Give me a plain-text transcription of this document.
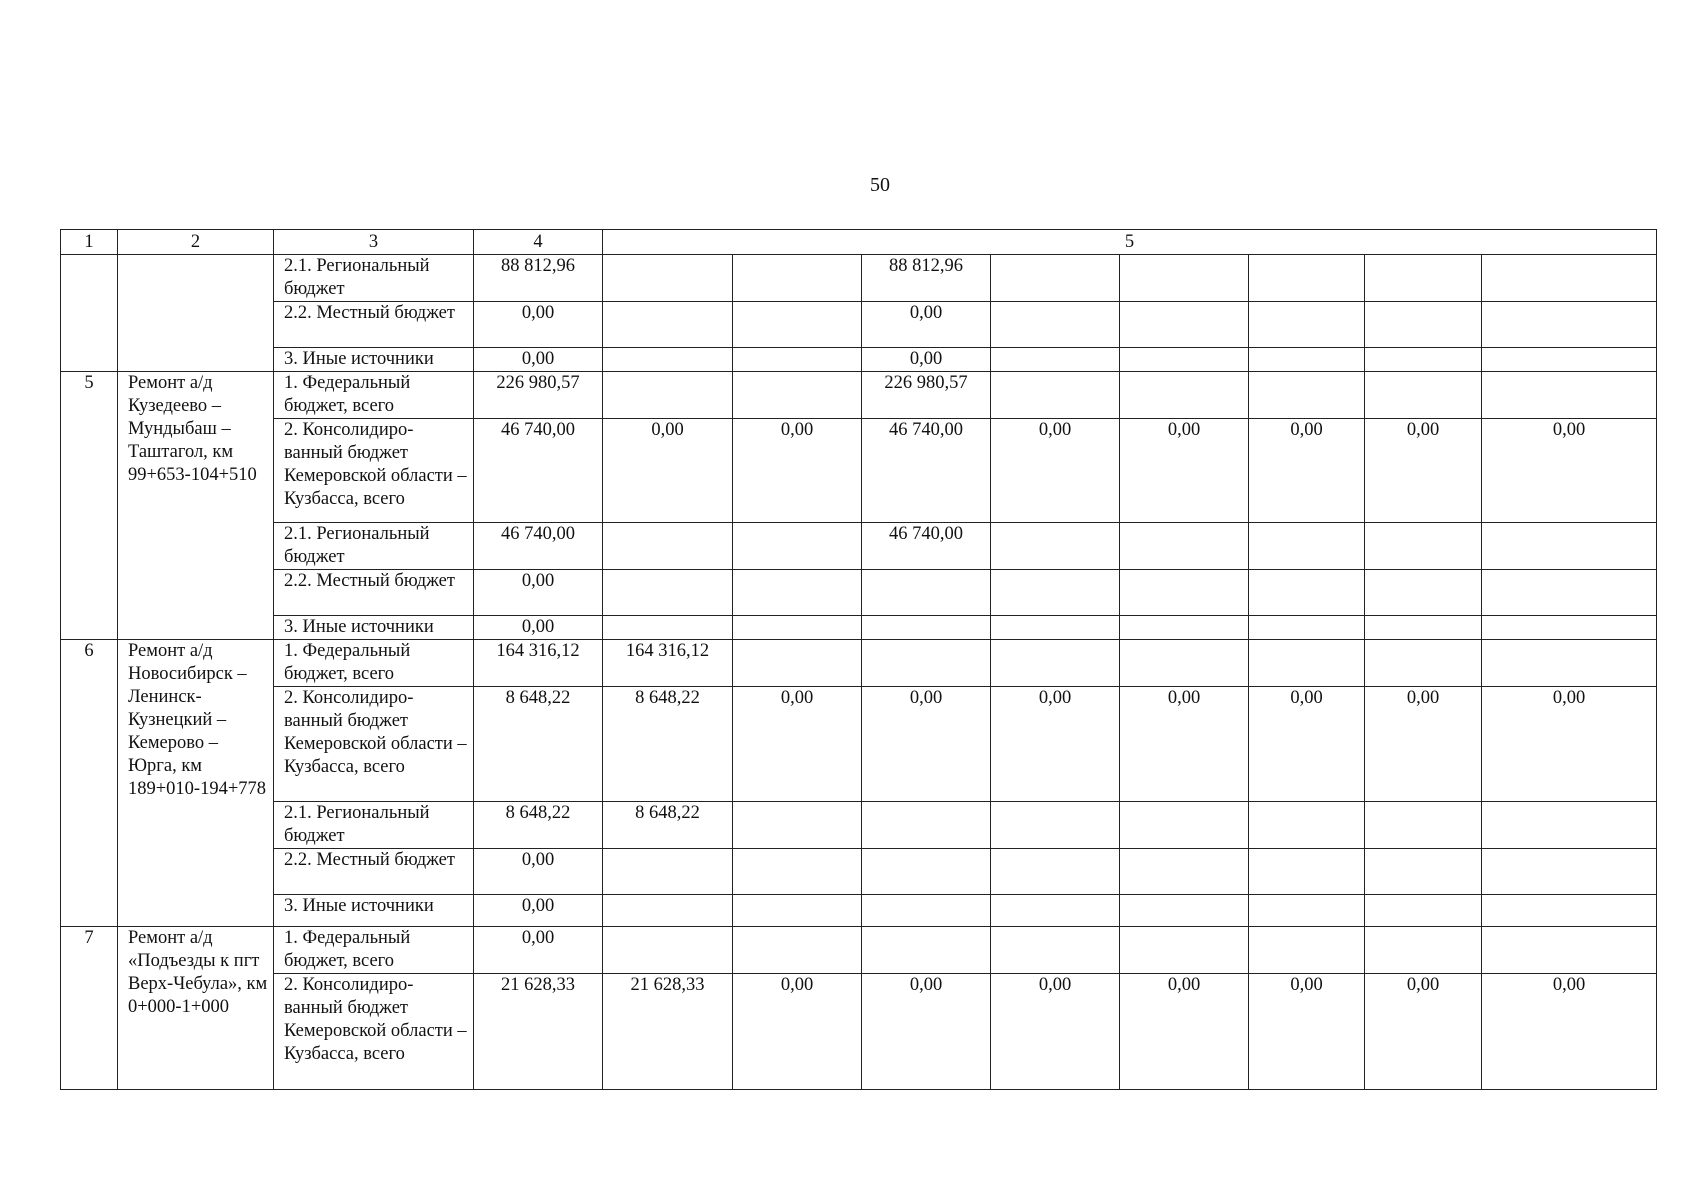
50
1	2	3	4	5							
		2.1. Региональный бюджет	88 812,96			88 812,96					
		2.2. Местный бюджет	0,00			0,00					
		3. Иные источники	0,00			0,00					
5	Ремонт а/д Кузедеево – Мундыбаш – Таштагол, км 99+653-104+510	1. Федеральный бюджет, всего	226 980,57			226 980,57					
		2. Консолидиро-ванный бюджет Кемеровской области – Кузбасса, всего	46 740,00	0,00	0,00	46 740,00	0,00	0,00	0,00	0,00	0,00
		2.1. Региональный бюджет	46 740,00			46 740,00					
		2.2. Местный бюджет	0,00								
		3. Иные источники	0,00								
6	Ремонт а/д Новосибирск – Ленинск-Кузнецкий – Кемерово – Юрга, км 189+010-194+778	1. Федеральный бюджет, всего	164 316,12	164 316,12							
		2. Консолидиро-ванный бюджет Кемеровской области – Кузбасса, всего	8 648,22	8 648,22	0,00	0,00	0,00	0,00	0,00	0,00	0,00
		2.1. Региональный бюджет	8 648,22	8 648,22							
		2.2. Местный бюджет	0,00								
		3. Иные источники	0,00								
7	Ремонт а/д «Подъезды к пгт Верх-Чебула», км 0+000-1+000	1. Федеральный бюджет, всего	0,00								
		2. Консолидиро-ванный бюджет Кемеровской области – Кузбасса, всего	21 628,33	21 628,33	0,00	0,00	0,00	0,00	0,00	0,00	0,00
